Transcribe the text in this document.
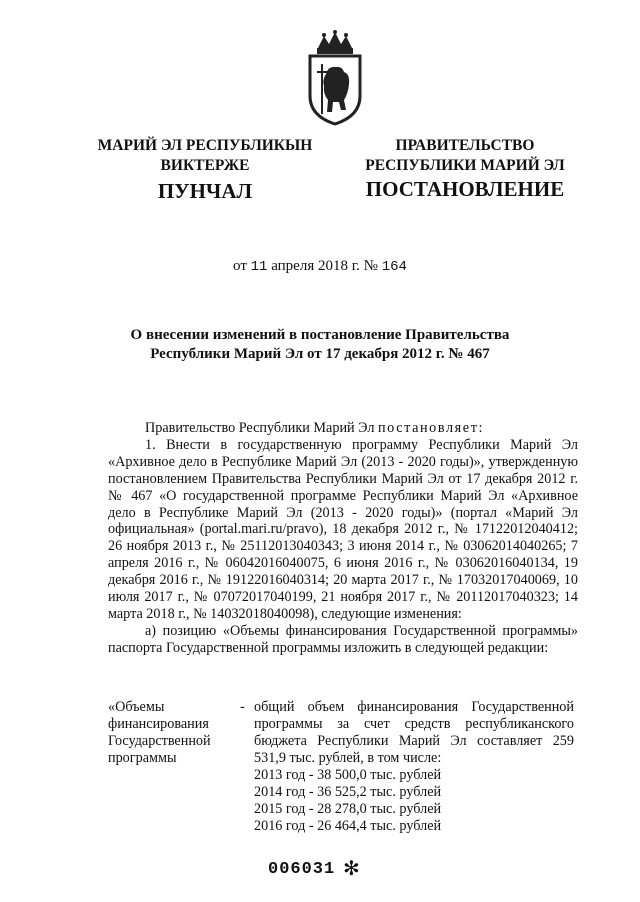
МАРИЙ ЭЛ РЕСПУБЛИКЫН
ВИКТЕРЖЕ
ПУНЧАЛ
ПРАВИТЕЛЬСТВО
РЕСПУБЛИКИ МАРИЙ ЭЛ
ПОСТАНОВЛЕНИЕ
от 11 апреля 2018 г. № 164
О внесении изменений в постановление Правительства
Республики Марий Эл от 17 декабря 2012 г. № 467

Правительство Республики Марий Эл постановляет:

1. Внести в государственную программу Республики Марий Эл «Архивное дело в Республике Марий Эл (2013 - 2020 годы)», утвержденную постановлением Правительства Республики Марий Эл от 17 декабря 2012 г. № 467 «О государственной программе Республики Марий Эл «Архивное дело в Республике Марий Эл (2013 - 2020 годы)» (портал «Марий Эл официальная» (portal.mari.ru/pravo), 18 декабря 2012 г., № 17122012040412; 26 ноября 2013 г., № 25112013040343; 3 июня 2014 г., № 03062014040265; 7 апреля 2016 г., № 06042016040075, 6 июня 2016 г., № 03062016040134, 19 декабря 2016 г., № 19122016040314; 20 марта 2017 г., № 17032017040069, 10 июля 2017 г., № 07072017040199, 21 ноября 2017 г., № 20112017040323; 14 марта 2018 г., № 14032018040098), следующие изменения:

а) позицию «Объемы финансирования Государственной программы» паспорта Государственной программы изложить в следующей редакции:

«Объемы финансирования Государственной программы
- общий объем финансирования Государственной программы за счет средств республиканского бюджета Республики Марий Эл составляет 259 531,9 тыс. рублей, в том числе:
2013 год - 38 500,0 тыс. рублей
2014 год - 36 525,2 тыс. рублей
2015 год - 28 278,0 тыс. рублей
2016 год - 26 464,4 тыс. рублей
006031 ✻
